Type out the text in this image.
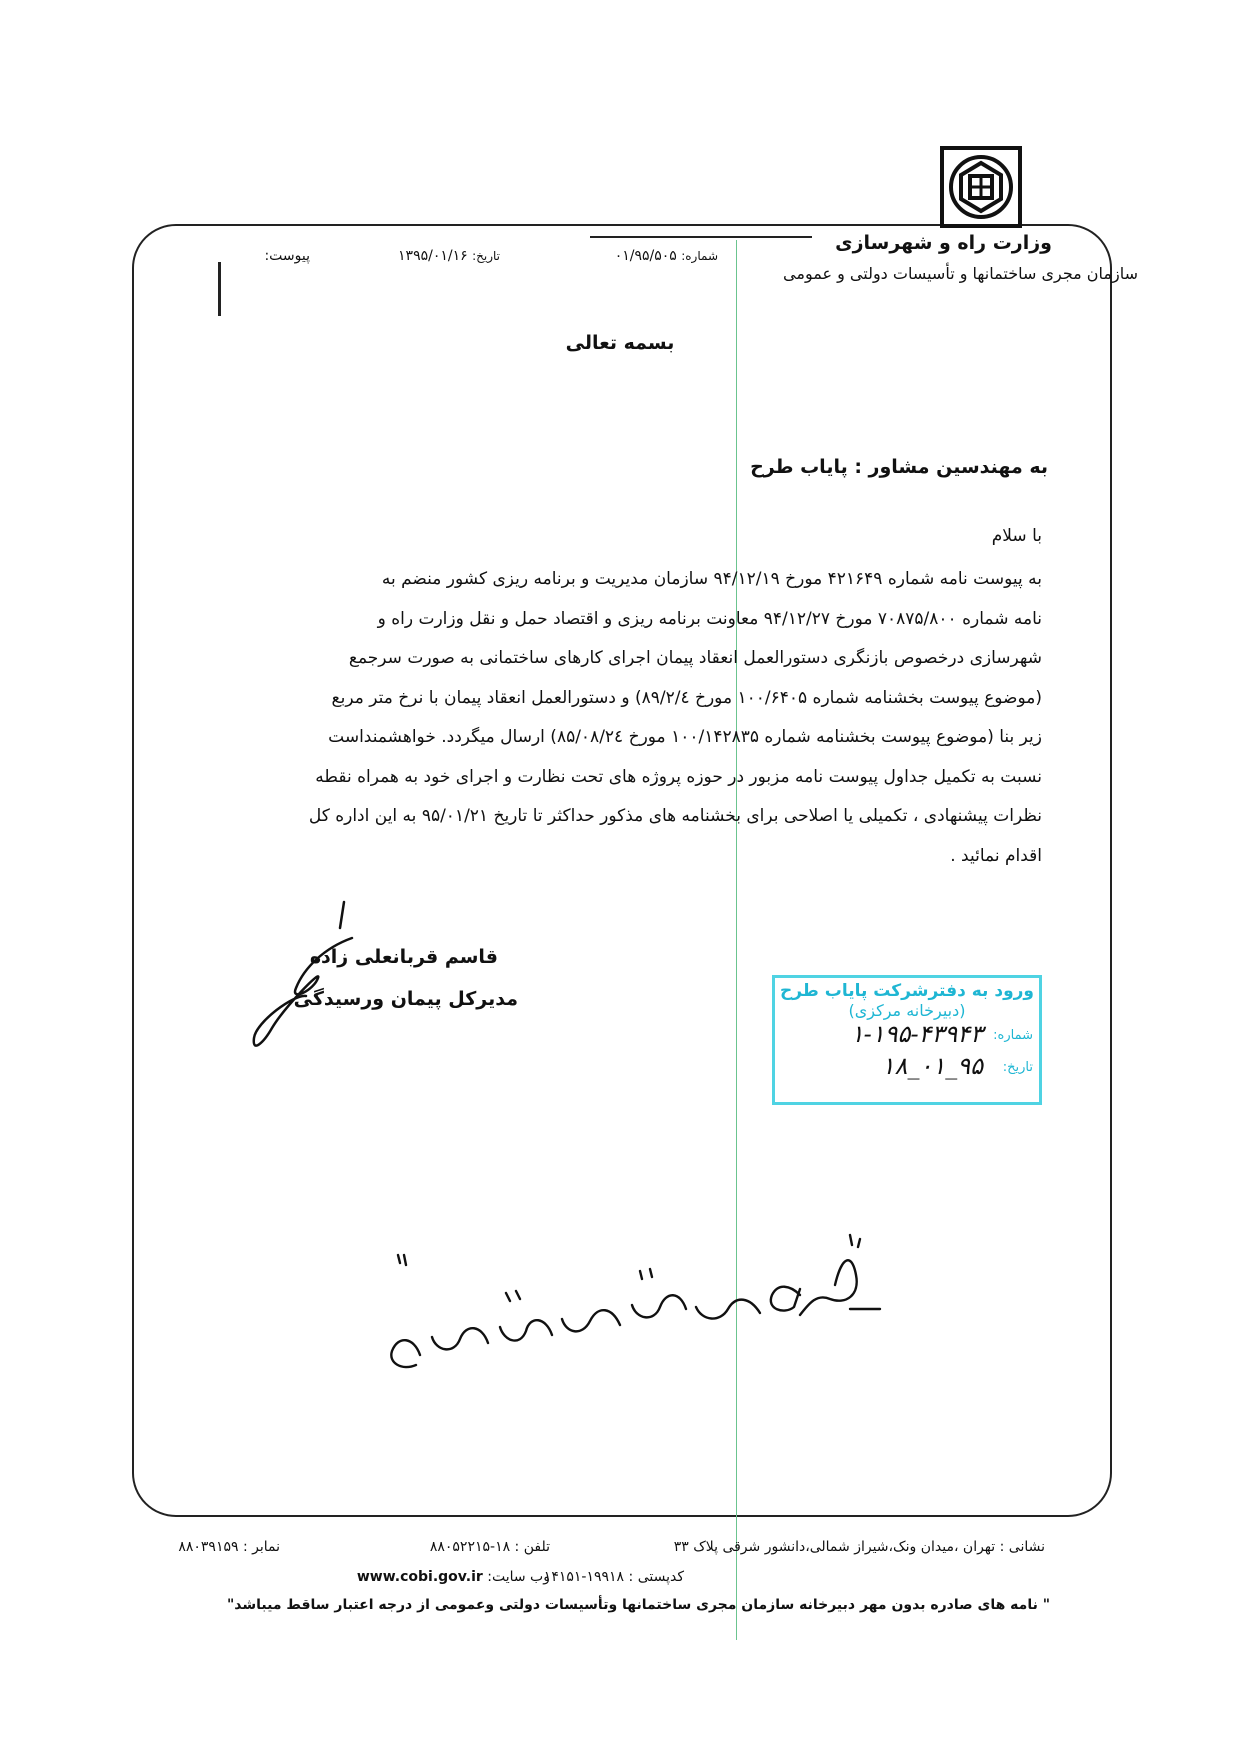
وزارت راه و شهرسازی
سازمان مجری ساختمانها و تأسیسات دولتی و عمومی
شماره: ۰۱/۹۵/۵۰۵
تاریخ: ۱۳۹۵/۰۱/۱۶
پیوست:
بسمه تعالی
به مهندسین مشاور : پایاب طرح
با سلام
به پیوست نامه شماره ۴۲۱۶۴۹ مورخ ۹۴/۱۲/۱۹ سازمان مدیریت و برنامه ریزی کشور منضم به
نامه شماره ۷۰۸۷۵/۸۰۰ مورخ ۹۴/۱۲/۲۷ معاونت برنامه ریزی و اقتصاد حمل و نقل وزارت راه و
شهرسازی درخصوص بازنگری دستورالعمل انعقاد پیمان اجرای کارهای ساختمانی به صورت سرجمع
(موضوع پیوست بخشنامه شماره ۱۰۰/۶۴۰۵ مورخ ۸۹/۲/٤) و دستورالعمل انعقاد پیمان با نرخ متر مربع
زیر بنا (موضوع پیوست بخشنامه شماره ۱۰۰/۱۴۲۸۳۵ مورخ ۸۵/۰۸/۲٤) ارسال میگردد. خواهشمنداست
نسبت به تکمیل جداول پیوست نامه مزبور در حوزه پروژه های تحت نظارت و اجرای خود به همراه نقطه
نظرات پیشنهادی ، تکمیلی یا اصلاحی برای بخشنامه های مذکور حداکثر تا تاریخ ۹۵/۰۱/۲۱ به این اداره کل
اقدام نمائید .
قاسم قربانعلی زاده
مدیرکل پیمان ورسیدگی	ورود به دفترشرکت پایاب طرح
(دبیرخانه مرکزی)
شماره:
۱-۱۹۵-۴۳۹۴۳
تاریخ:
۹۵_۰۱_۱۸
نشانی : تهران ،میدان ونک،شیراز شمالی،دانشور شرقی پلاک ۳۳
تلفن : ۱۸-۸۸۰۵۲۲۱۵
نمابر : ۸۸۰۳۹۱۵۹
کدپستی : ۱۹۹۱۸-۱۴۱۵۱
وب سایت: www.cobi.gov.ir
" نامه های صادره بدون مهر دبیرخانه سازمان مجری ساختمانها وتأسیسات دولتی وعمومی از درجه اعتبار ساقط میباشد"
